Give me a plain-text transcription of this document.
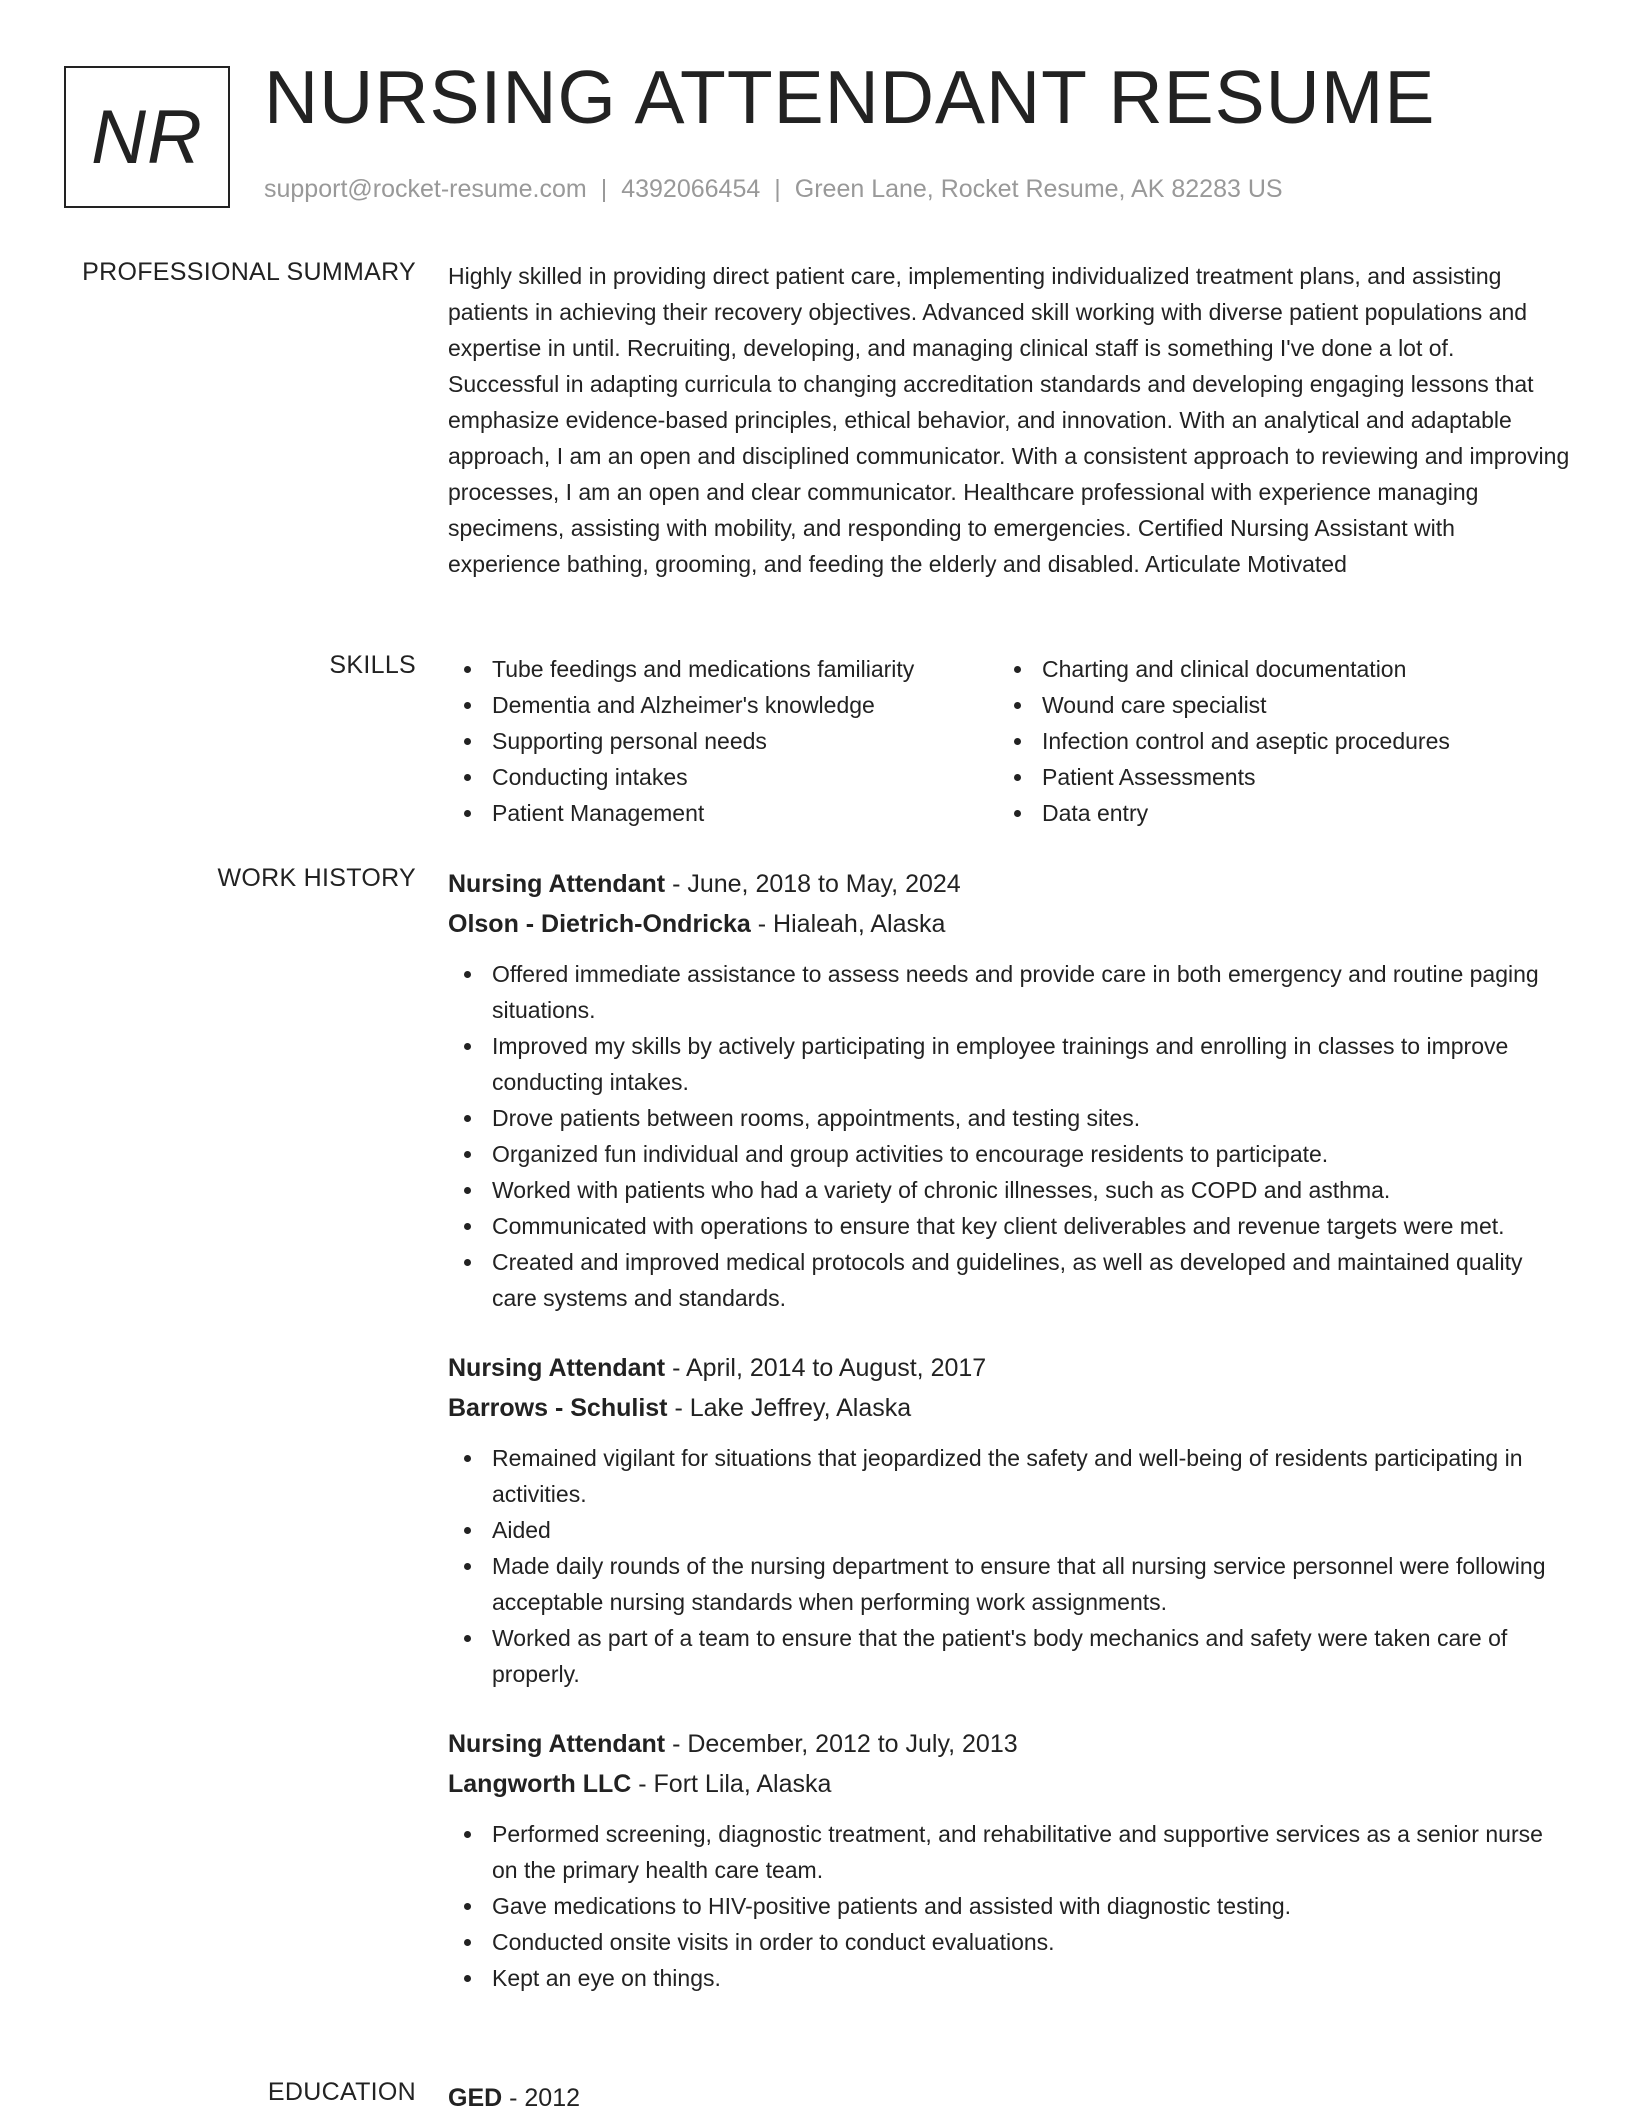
NR NURSING ATTENDANT RESUME
support@rocket-resume.com | 4392066454 | Green Lane, Rocket Resume, AK 82283 US
PROFESSIONAL SUMMARY Highly skilled in providing direct patient care, implementing individualized treatment plans, and assisting patients in achieving their recovery objectives. Advanced skill working with diverse patient populations and expertise in until. Recruiting, developing, and managing clinical staff is something I've done a lot of. Successful in adapting curricula to changing accreditation standards and developing engaging lessons that emphasize evidence-based principles, ethical behavior, and innovation. With an analytical and adaptable approach, I am an open and disciplined communicator. With a consistent approach to reviewing and improving processes, I am an open and clear communicator. Healthcare professional with experience managing specimens, assisting with mobility, and responding to emergencies. Certified Nursing Assistant with experience bathing, grooming, and feeding the elderly and disabled. Articulate Motivated

SKILLS	Tube feedings and medications familiarity
Dementia and Alzheimer's knowledge
Supporting personal needs
Conducting intakes
Patient Management
Charting and clinical documentation
Wound care specialist
Infection control and aseptic procedures
Patient Assessments
Data entry
WORK HISTORY Nursing Attendant - June, 2018 to May, 2024
Olson - Dietrich-Ondricka - Hialeah, Alaska
Offered immediate assistance to assess needs and provide care in both emergency and routine paging situations.
Improved my skills by actively participating in employee trainings and enrolling in classes to improve conducting intakes.
Drove patients between rooms, appointments, and testing sites.
Organized fun individual and group activities to encourage residents to participate.
Worked with patients who had a variety of chronic illnesses, such as COPD and asthma.
Communicated with operations to ensure that key client deliverables and revenue targets were met.
Created and improved medical protocols and guidelines, as well as developed and maintained quality care systems and standards.
Nursing Attendant - April, 2014 to August, 2017
Barrows - Schulist - Lake Jeffrey, Alaska
Remained vigilant for situations that jeopardized the safety and well-being of residents participating in activities.
Aided
Made daily rounds of the nursing department to ensure that all nursing service personnel were following acceptable nursing standards when performing work assignments.
Worked as part of a team to ensure that the patient's body mechanics and safety were taken care of properly.
Nursing Attendant - December, 2012 to July, 2013
Langworth LLC - Fort Lila, Alaska
Performed screening, diagnostic treatment, and rehabilitative and supportive services as a senior nurse on the primary health care team.
Gave medications to HIV-positive patients and assisted with diagnostic testing.
Conducted onsite visits in order to conduct evaluations.
Kept an eye on things.
EDUCATION GED - 2012
